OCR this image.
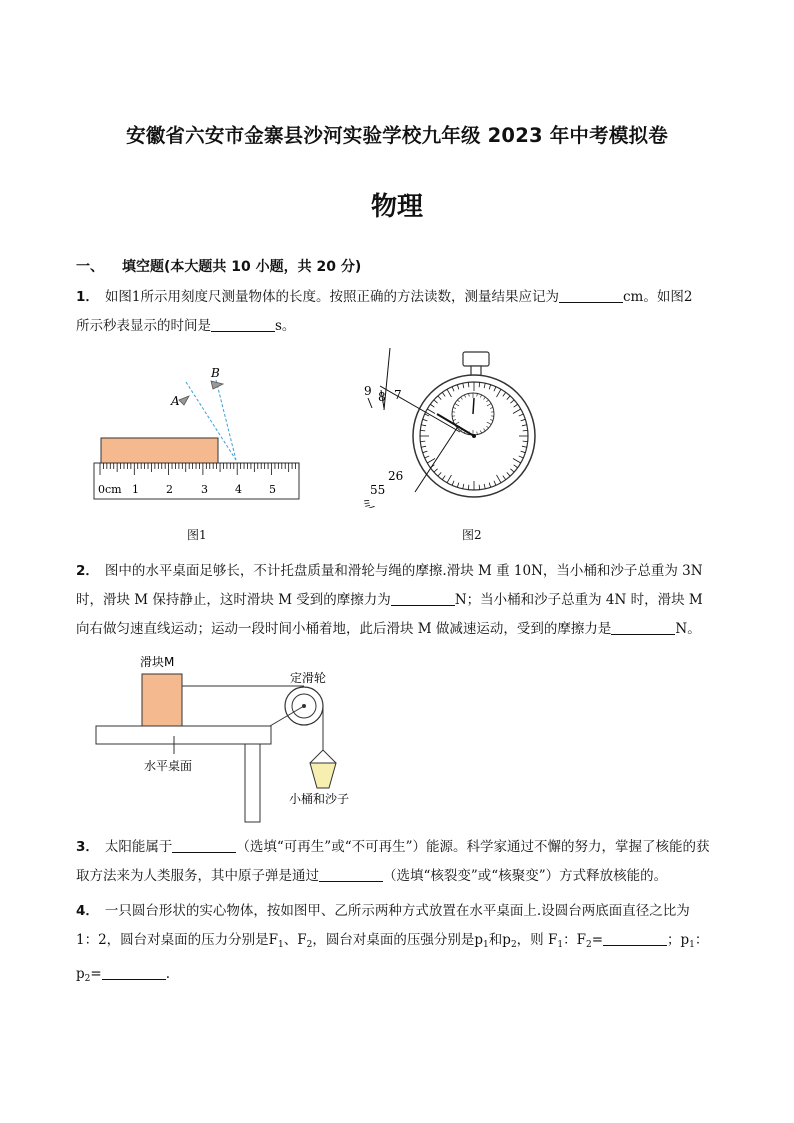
安徽省六安市金寨县沙河实验学校九年级 2023 年中考模拟卷
物理
一、 填空题(本大题共 10 小题，共 20 分)
1． 如图1所示用刻度尺测量物体的长度。按照正确的方法读数，测量结果应记为	cm。如图2
所示秒表显示的时间是	s。
A
B
0cm 1 2	3 4 5
图1
9 8 7
26
55
图2
2． 图中的水平桌面足够长，不计托盘质量和滑轮与绳的摩擦.滑块 M 重 10N，当小桶和沙子总重为 3N
时，滑块 M 保持静止，这时滑块 M 受到的摩擦力为	N；当小桶和沙子总重为 4N 时，滑块 M
向右做匀速直线运动；运动一段时间小桶着地，此后滑块 M 做减速运动，受到的摩擦力是	N。
滑块M
定滑轮
水平桌面
小桶和沙子
3． 太阳能属于	（选填“可再生”或“不可再生”）能源。科学家通过不懈的努力，掌握了核能的获
取方法来为人类服务，其中原子弹是通过	（选填“核裂变”或“核聚变”）方式释放核能的。
4． 一只圆台形状的实心物体，按如图甲、乙所示两种方式放置在水平桌面上.设圆台两底面直径之比为
1：2，圆台对桌面的压力分别是$F_1$、$F_2$，圆台对桌面的压强分别是$p_1$和$p_2$，则 $F_1$：$F_2=$	；$p_1$：
$p_2=$	.
